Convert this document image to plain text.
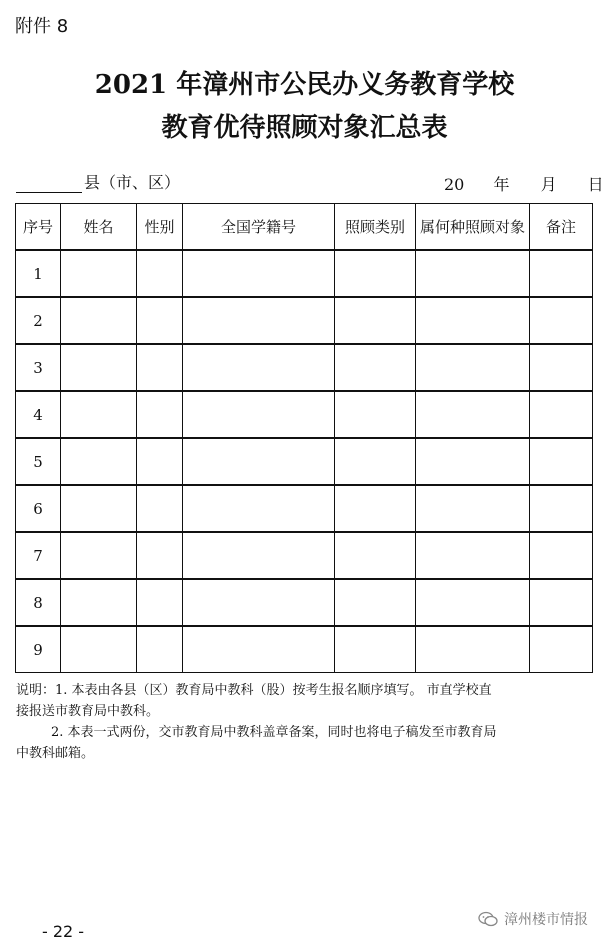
附件 8
2021 年漳州市公民办义务教育学校
教育优待照顾对象汇总表
县（市、区）	20 年 月 日
序号	姓名	性别	全国学籍号	照顾类别	属何种照顾对象	备注
1						
2						
3						
4						
5						
6						
7						
8						
9						
说明：1. 本表由各县（区）教育局中教科（股）按考生报名顺序填写。 市直学校直
接报送市教育局中教科。
2. 本表一式两份，交市教育局中教科盖章备案，同时也将电子稿发至市教育局
中教科邮箱。
- 22 -
漳州楼市情报
